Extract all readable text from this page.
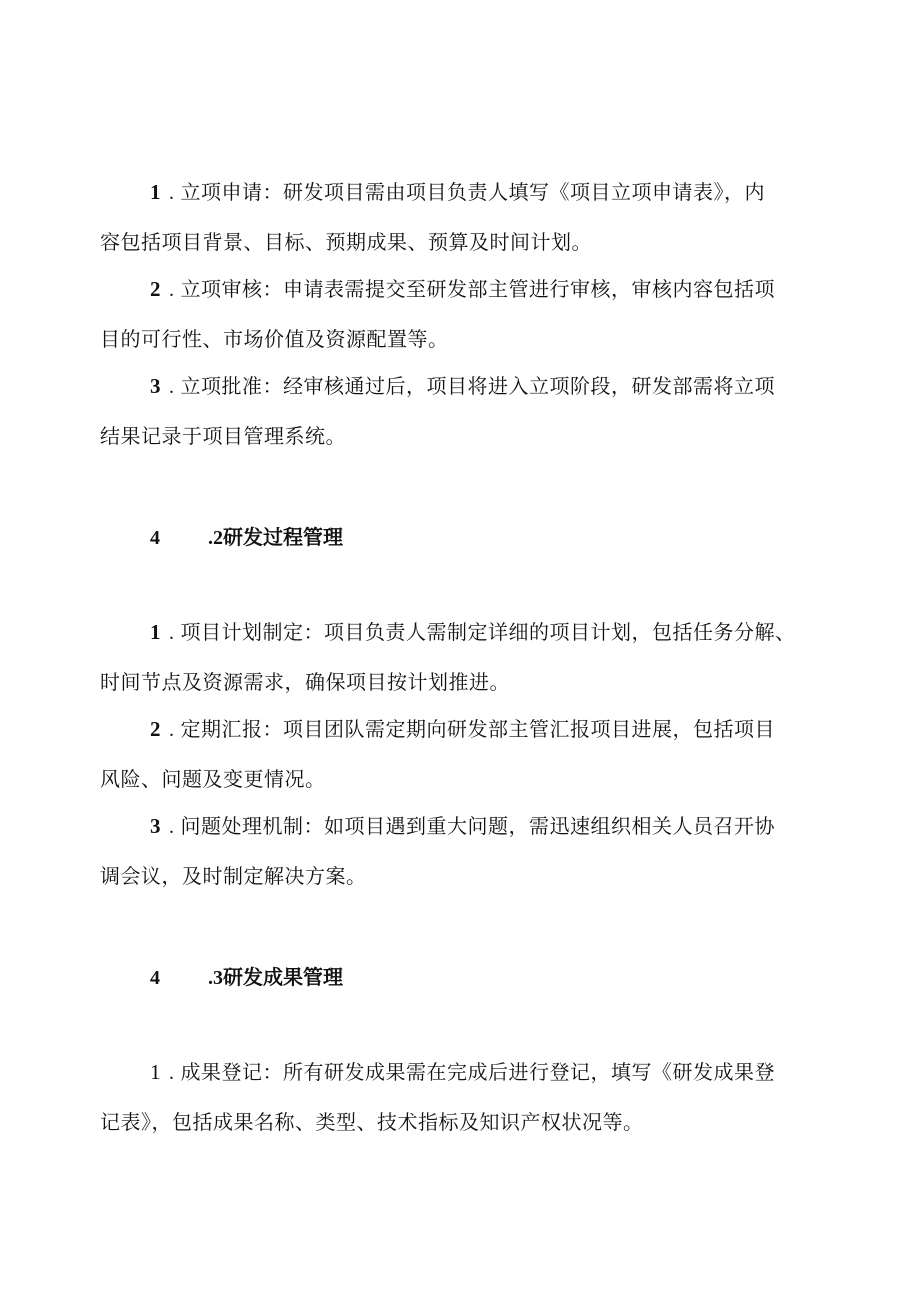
1 . 立项申请：研发项目需由项目负责人填写《项目立项申请表》，内
容包括项目背景、目标、预期成果、预算及时间计划。
2 . 立项审核：申请表需提交至研发部主管进行审核，审核内容包括项
目的可行性、市场价值及资源配置等。
3 . 立项批准：经审核通过后，项目将进入立项阶段，研发部需将立项
结果记录于项目管理系统。
4 .2研发过程管理
1 . 项目计划制定：项目负责人需制定详细的项目计划，包括任务分解、
时间节点及资源需求，确保项目按计划推进。
2 . 定期汇报：项目团队需定期向研发部主管汇报项目进展，包括项目
风险、问题及变更情况。
3 . 问题处理机制：如项目遇到重大问题，需迅速组织相关人员召开协
调会议，及时制定解决方案。
4 .3研发成果管理
1 . 成果登记：所有研发成果需在完成后进行登记，填写《研发成果登
记表》，包括成果名称、类型、技术指标及知识产权状况等。
